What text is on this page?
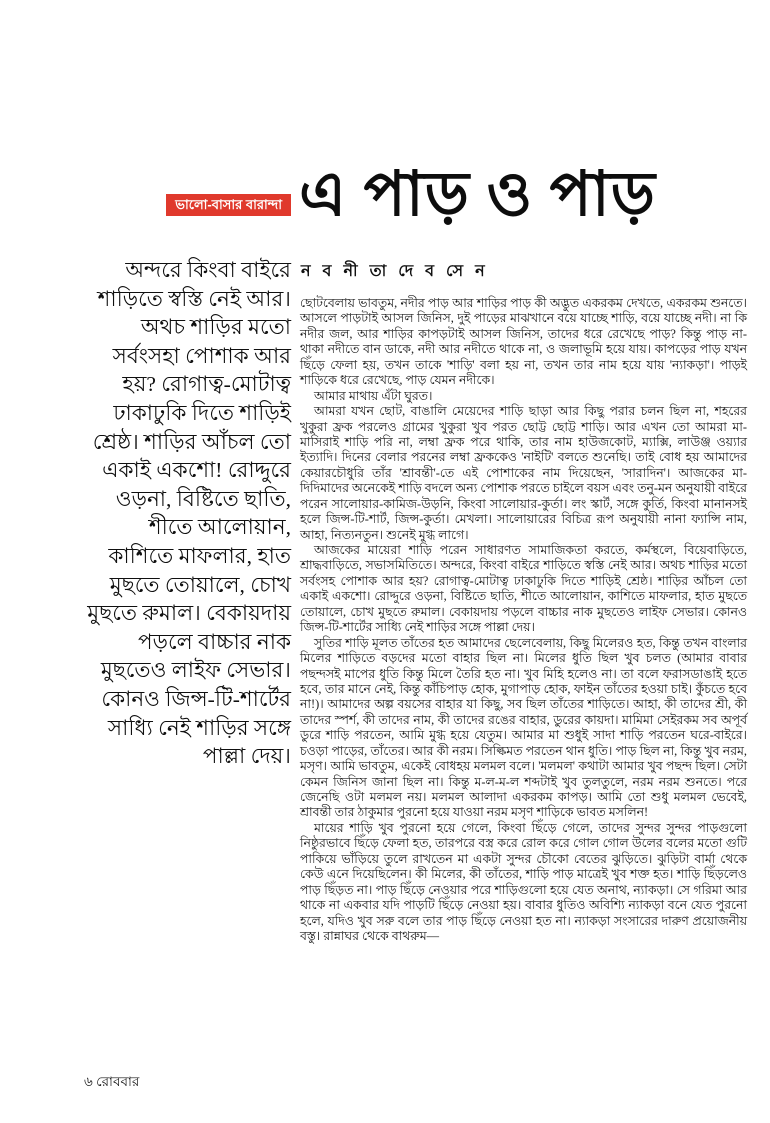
ভালো-বাসার বারান্দা এ পাড় ও পাড়
ন ব নী তা দে ব সে ন
অন্দরে কিংবা বাইরে শাড়িতে স্বস্তি নেই আর। অথচ শাড়ির মতো সর্বংসহা পোশাক আর হয়? রোগাত্ব-মোটাত্ব ঢাকাঢুকি দিতে শাড়িই শ্রেষ্ঠ। শাড়ির আঁচল তো একাই একশো! রোদ্দুরে ওড়না, বিষ্টিতে ছাতি, শীতে আলোয়ান, কাশিতে মাফলার, হাত মুছতে তোয়ালে, চোখ মুছতে রুমাল। বেকায়দায় পড়লে বাচ্চার নাক মুছতেও লাইফ সেভার। কোনও জিন্স-টি-শার্টের সাধ্যি নেই শাড়ির সঙ্গে পাল্লা দেয়।

ছোটবেলায় ভাবতুম, নদীর পাড় আর শাড়ির পাড় কী অদ্ভুত একরকম দেখতে, একরকম শুনতে। আসলে পাড়টাই আসল জিনিস, দুই পাড়ের মাঝখানে বয়ে যাচ্ছে শাড়ি, বয়ে যাচ্ছে নদী। না কি নদীর জল, আর শাড়ির কাপড়টাই আসল জিনিস, তাদের ধরে রেখেছে পাড়? কিন্তু পাড় না-থাকা নদীতে বান ডাকে, নদী আর নদীতে থাকে না, ও জলাভূমি হয়ে যায়। কাপড়ের পাড় যখন ছিঁড়ে ফেলা হয়, তখন তাকে 'শাড়ি' বলা হয় না, তখন তার নাম হয়ে যায় 'ন্যাকড়া'। পাড়ই শাড়িকে ধরে রেখেছে, পাড় যেমন নদীকে।

আমার মাথায় এঁটা ঘুরত।

আমরা যখন ছোট, বাঙালি মেয়েদের শাড়ি ছাড়া আর কিছু পরার চলন ছিল না, শহরের খুকুরা ফ্রক পরলেও গ্রামের খুকুরা খুব পরত ছোট্ট ছোট্ট শাড়ি। আর এখন তো আমরা মা-মাসিরাই শাড়ি পরি না, লম্বা ফ্রক পরে থাকি, তার নাম হাউজকোট, ম্যাক্সি, লাউঞ্জ ওয়্যার ইত্যাদি। দিনের বেলার পরনের লম্বা ফ্রককেও 'নাইটি' বলতে শুনেছি। তাই বোধ হয় আমাদের কেয়ারচৌধুরি তাঁর 'শ্রাবন্তী'-তে এই পোশাকের নাম দিয়েছেন, 'সারাদিন'। আজকের মা-দিদিমাদের অনেকেই শাড়ি বদলে অন্য পোশাক পরতে চাইলে বয়স এবং তনু-মন অনুযায়ী বাইরে পরেন সালোয়ার-কামিজ-উড়নি, কিংবা সালোয়ার-কুর্তা। লং স্কার্ট, সঙ্গে কুর্তি, কিংবা মানানসই হলে জিন্স-টি-শার্ট, জিন্স-কুর্তা। মেখলা। সালোয়ারের বিচিত্র রূপ অনুযায়ী নানা ফ্যান্সি নাম, আহা, নিত্যনতুন। শুনেই মুগ্ধ লাগে।

আজকের মায়েরা শাড়ি পরেন সাধারণত সামাজিকতা করতে, কর্মস্থলে, বিয়েবাড়িতে, শ্রাদ্ধবাড়িতে, সভাসমিতিতে। অন্দরে, কিংবা বাইরে শাড়িতে স্বস্তি নেই আর। অথচ শাড়ির মতো সর্বংসহ পোশাক আর হয়? রোগাত্ব-মোটাত্ব ঢাকাঢুকি দিতে শাড়িই শ্রেষ্ঠ। শাড়ির আঁচল তো একাই একশো। রোদ্দুরে ওড়না, বিষ্টিতে ছাতি, শীতে আলোয়ান, কাশিতে মাফলার, হাত মুছতে তোয়ালে, চোখ মুছতে রুমাল। বেকায়দায় পড়লে বাচ্চার নাক মুছতেও লাইফ সেভার। কোনও জিন্স-টি-শার্টের সাধ্যি নেই শাড়ির সঙ্গে পাল্লা দেয়।

সুতির শাড়ি মূলত তাঁতের হত আমাদের ছেলেবেলায়, কিছু মিলেরও হত, কিন্তু তখন বাংলার মিলের শাড়িতে বড়দের মতো বাহার ছিল না। মিলের ধুতি ছিল খুব চলত (আমার বাবার পছন্দসই মাপের ধুতি কিন্তু মিলে তৈরি হত না। খুব মিহি হলেও না। তা বলে ফরাসডাঙাই হতে হবে, তার মানে নেই, কিন্তু কাঁচিপাড় হোক, মুগাপাড় হোক, ফাইন তাঁতের হওয়া চাই। কুঁচতে হবে না!)। আমাদের অল্প বয়সের বাহার যা কিছু, সব ছিল তাঁতের শাড়িতে। আহা, কী তাদের শ্রী, কী তাদের স্পর্শ, কী তাদের নাম, কী তাদের রঙের বাহার, ডুরের কায়দা। মামিমা সেইরকম সব অপূর্ব ডুরে শাড়ি পরতেন, আমি মুগ্ধ হয়ে যেতুম। আমার মা শুধুই সাদা শাড়ি পরতেন ঘরে-বাইরে। চওড়া পাড়ের, তাঁতের। আর কী নরম। সিল্কিমত পরতেন থান ধুতি। পাড় ছিল না, কিন্তু খুব নরম, মসৃণ। আমি ভাবতুম, একেই বোধহয় মলমল বলে। 'মলমল' কথাটা আমার খুব পছন্দ ছিল। সেটা কেমন জিনিস জানা ছিল না। কিন্তু ম-ল-ম-ল শব্দটাই খুব তুলতুলে, নরম নরম শুনতে। পরে জেনেছি ওটা মলমল নয়। মলমল আলাদা একরকম কাপড়। আমি তো শুধু মলমল ভেবেই, শ্রাবন্তী তার ঠাকুমার পুরনো হয়ে যাওয়া নরম মসৃণ শাড়িকে ভাবত মসলিন!

মায়ের শাড়ি খুব পুরনো হয়ে গেলে, কিংবা ছিঁড়ে গেলে, তাদের সুন্দর সুন্দর পাড়গুলো নিষ্ঠুরভাবে ছিঁড়ে ফেলা হত, তারপরে বস্ত্র করে রোল করে গোল গোল উলের বলের মতো গুটি পাকিয়ে ভাঁড়িয়ে তুলে রাখতেন মা একটা সুন্দর চৌকো বেতের ঝুড়িতে। ঝুড়িটা বার্মা থেকে কেউ এনে দিয়েছিলেন। কী মিলের, কী তাঁতের, শাড়ি পাড় মাত্রেই খুব শক্ত হত। শাড়ি ছিঁড়লেও পাড় ছিঁড়ত না। পাড় ছিঁড়ে নেওয়ার পরে শাড়িগুলো হয়ে যেত অনাথ, ন্যাকড়া। সে গরিমা আর থাকে না একবার যদি পাড়টি ছিঁড়ে নেওয়া হয়। বাবার ধুতিও অবিশ্যি ন্যাকড়া বনে যেত পুরনো হলে, যদিও খুব সরু বলে তার পাড় ছিঁড়ে নেওয়া হত না। ন্যাকড়া সংসারের দারুণ প্রয়োজনীয় বস্তু। রান্নাঘর থেকে বাথরুম—

৬ রোববার
